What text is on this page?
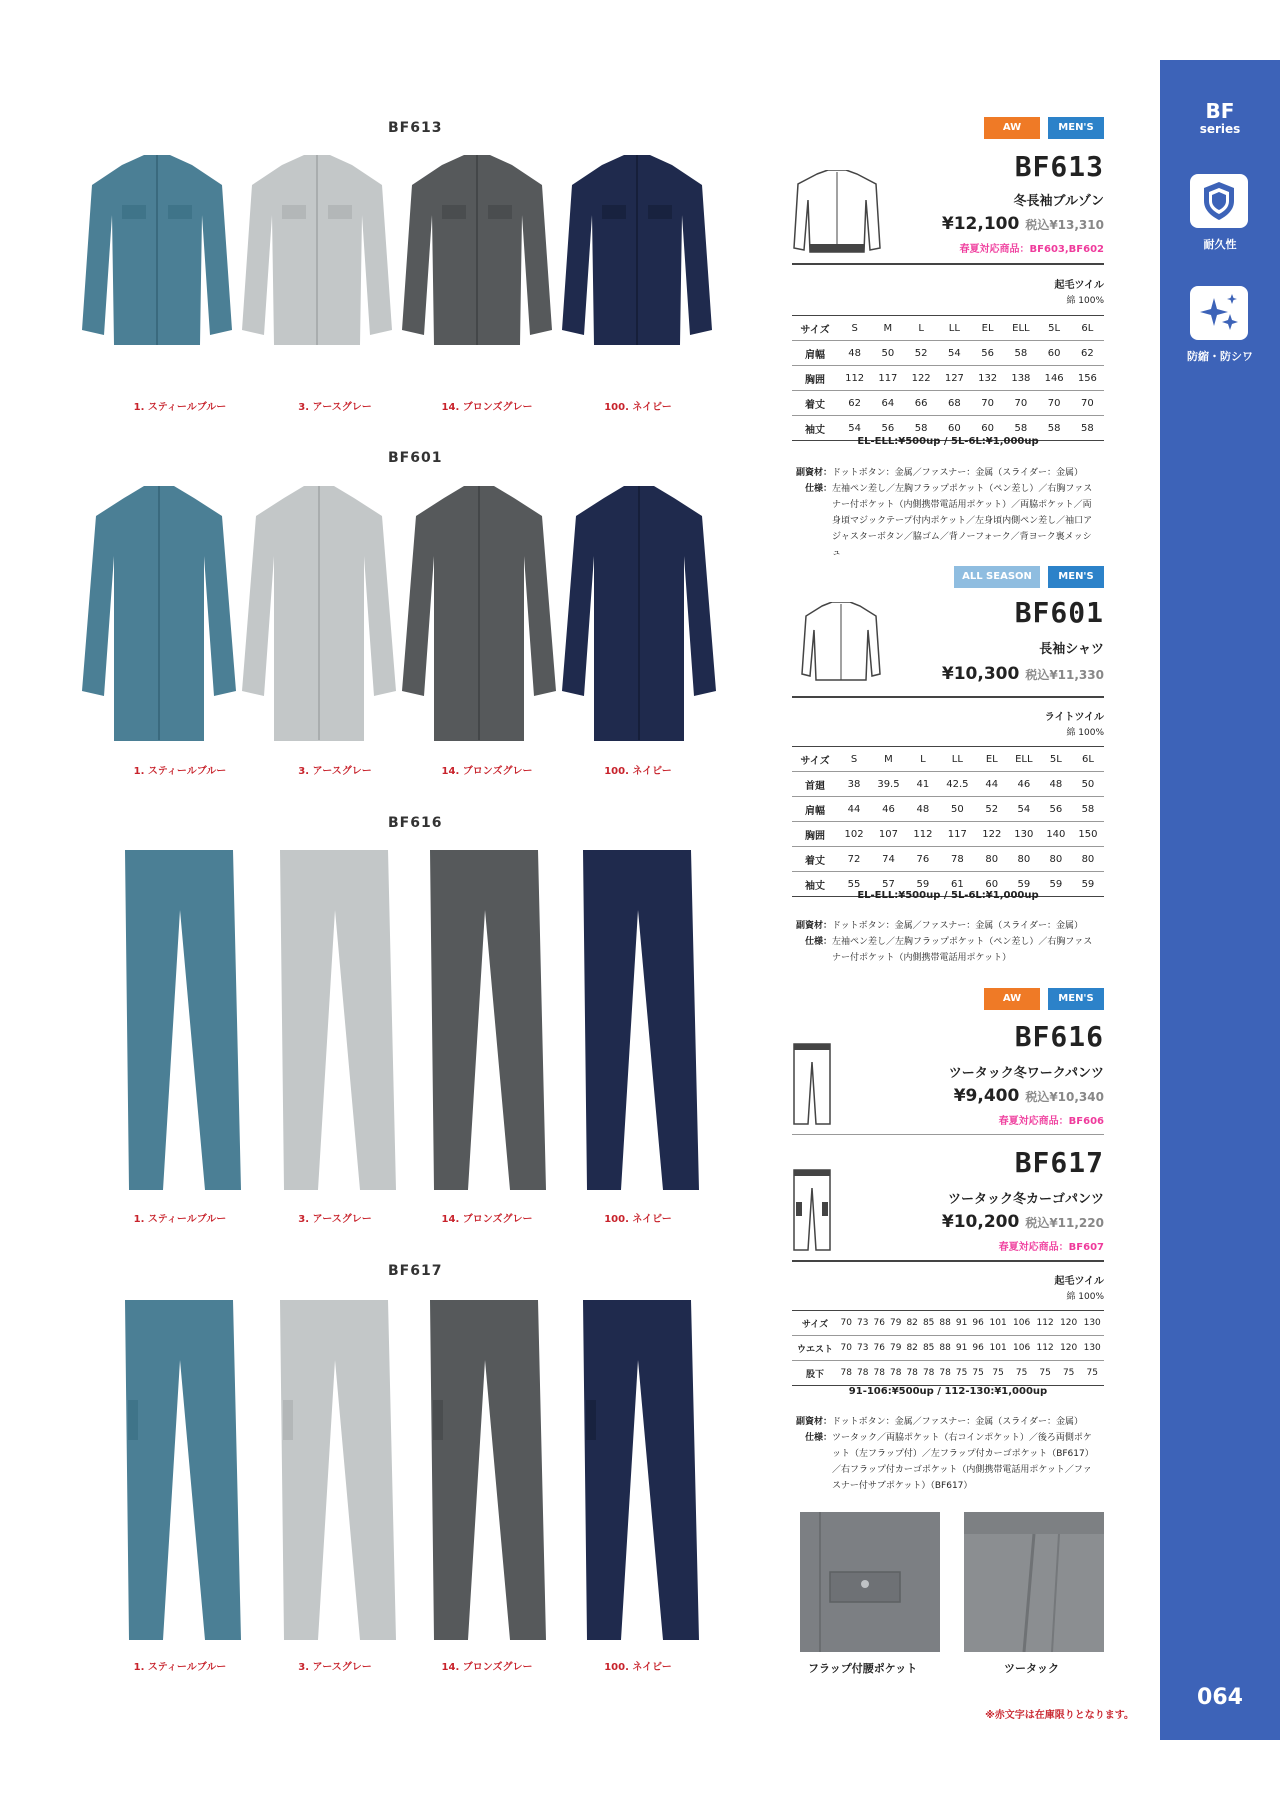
BF
series
耐久性
防縮・防シワ
064
BF613
1. スティールブルー	3. アースグレー	14. ブロンズグレー	100. ネイビー
BF601
1. スティールブルー	3. アースグレー	14. ブロンズグレー	100. ネイビー
BF616
1. スティールブルー	3. アースグレー	14. ブロンズグレー	100. ネイビー
BF617
1. スティールブルー	3. アースグレー	14. ブロンズグレー	100. ネイビー
AW	MEN'S
BF613
冬長袖ブルゾン
¥12,100 税込¥13,310
春夏対応商品：BF603,BF602
起毛ツイル
綿 100%
サイズ	S	M	L	LL	EL	ELL	5L	6L
肩幅	48	50	52	54	56	58	60	62
胸囲	112	117	122	127	132	138	146	156
着丈	62	64	66	68	70	70	70	70
袖丈	54	56	58	60	60	58	58	58
EL-ELL:¥500up / 5L-6L:¥1,000up
副資材：ドットボタン：金属／ファスナー：金属（スライダー：金属）
仕様：左袖ペン差し／左胸フラップポケット（ペン差し）／右胸ファスナー付ポケット（内側携帯電話用ポケット）／両脇ポケット／両身頃マジックテープ付内ポケット／左身頃内側ペン差し／袖口アジャスターボタン／脇ゴム／背ノーフォーク／背ヨーク裏メッシュ
ALL SEASON	MEN'S
BF601
長袖シャツ
¥10,300 税込¥11,330
ライトツイル
綿 100%
サイズ	S	M	L	LL	EL	ELL	5L	6L
首廻	38	39.5	41	42.5	44	46	48	50
肩幅	44	46	48	50	52	54	56	58
胸囲	102	107	112	117	122	130	140	150
着丈	72	74	76	78	80	80	80	80
袖丈	55	57	59	61	60	59	59	59
EL-ELL:¥500up / 5L-6L:¥1,000up
副資材：ドットボタン：金属／ファスナー：金属（スライダー：金属）
仕様：左袖ペン差し／左胸フラップポケット（ペン差し）／右胸ファスナー付ポケット（内側携帯電話用ポケット）
AW	MEN'S
BF616
ツータック冬ワークパンツ
¥9,400 税込¥10,340
春夏対応商品：BF606
BF617
ツータック冬カーゴパンツ
¥10,200 税込¥11,220
春夏対応商品：BF607
起毛ツイル
綿 100%
サイズ	70	73	76	79	82	85	88	91	96	101	106	112	120	130
ウエスト	70	73	76	79	82	85	88	91	96	101	106	112	120	130
股下	78	78	78	78	78	78	78	75	75	75	75	75	75	75
91-106:¥500up / 112-130:¥1,000up
副資材：ドットボタン：金属／ファスナー：金属（スライダー：金属）
仕様：ツータック／両脇ポケット（右コインポケット）／後ろ両側ポケット（左フラップ付）／左フラップ付カーゴポケット（BF617）／右フラップ付カーゴポケット（内側携帯電話用ポケット／ファスナー付サブポケット）（BF617）
フラップ付腰ポケット	ツータック
※赤文字は在庫限りとなります。
